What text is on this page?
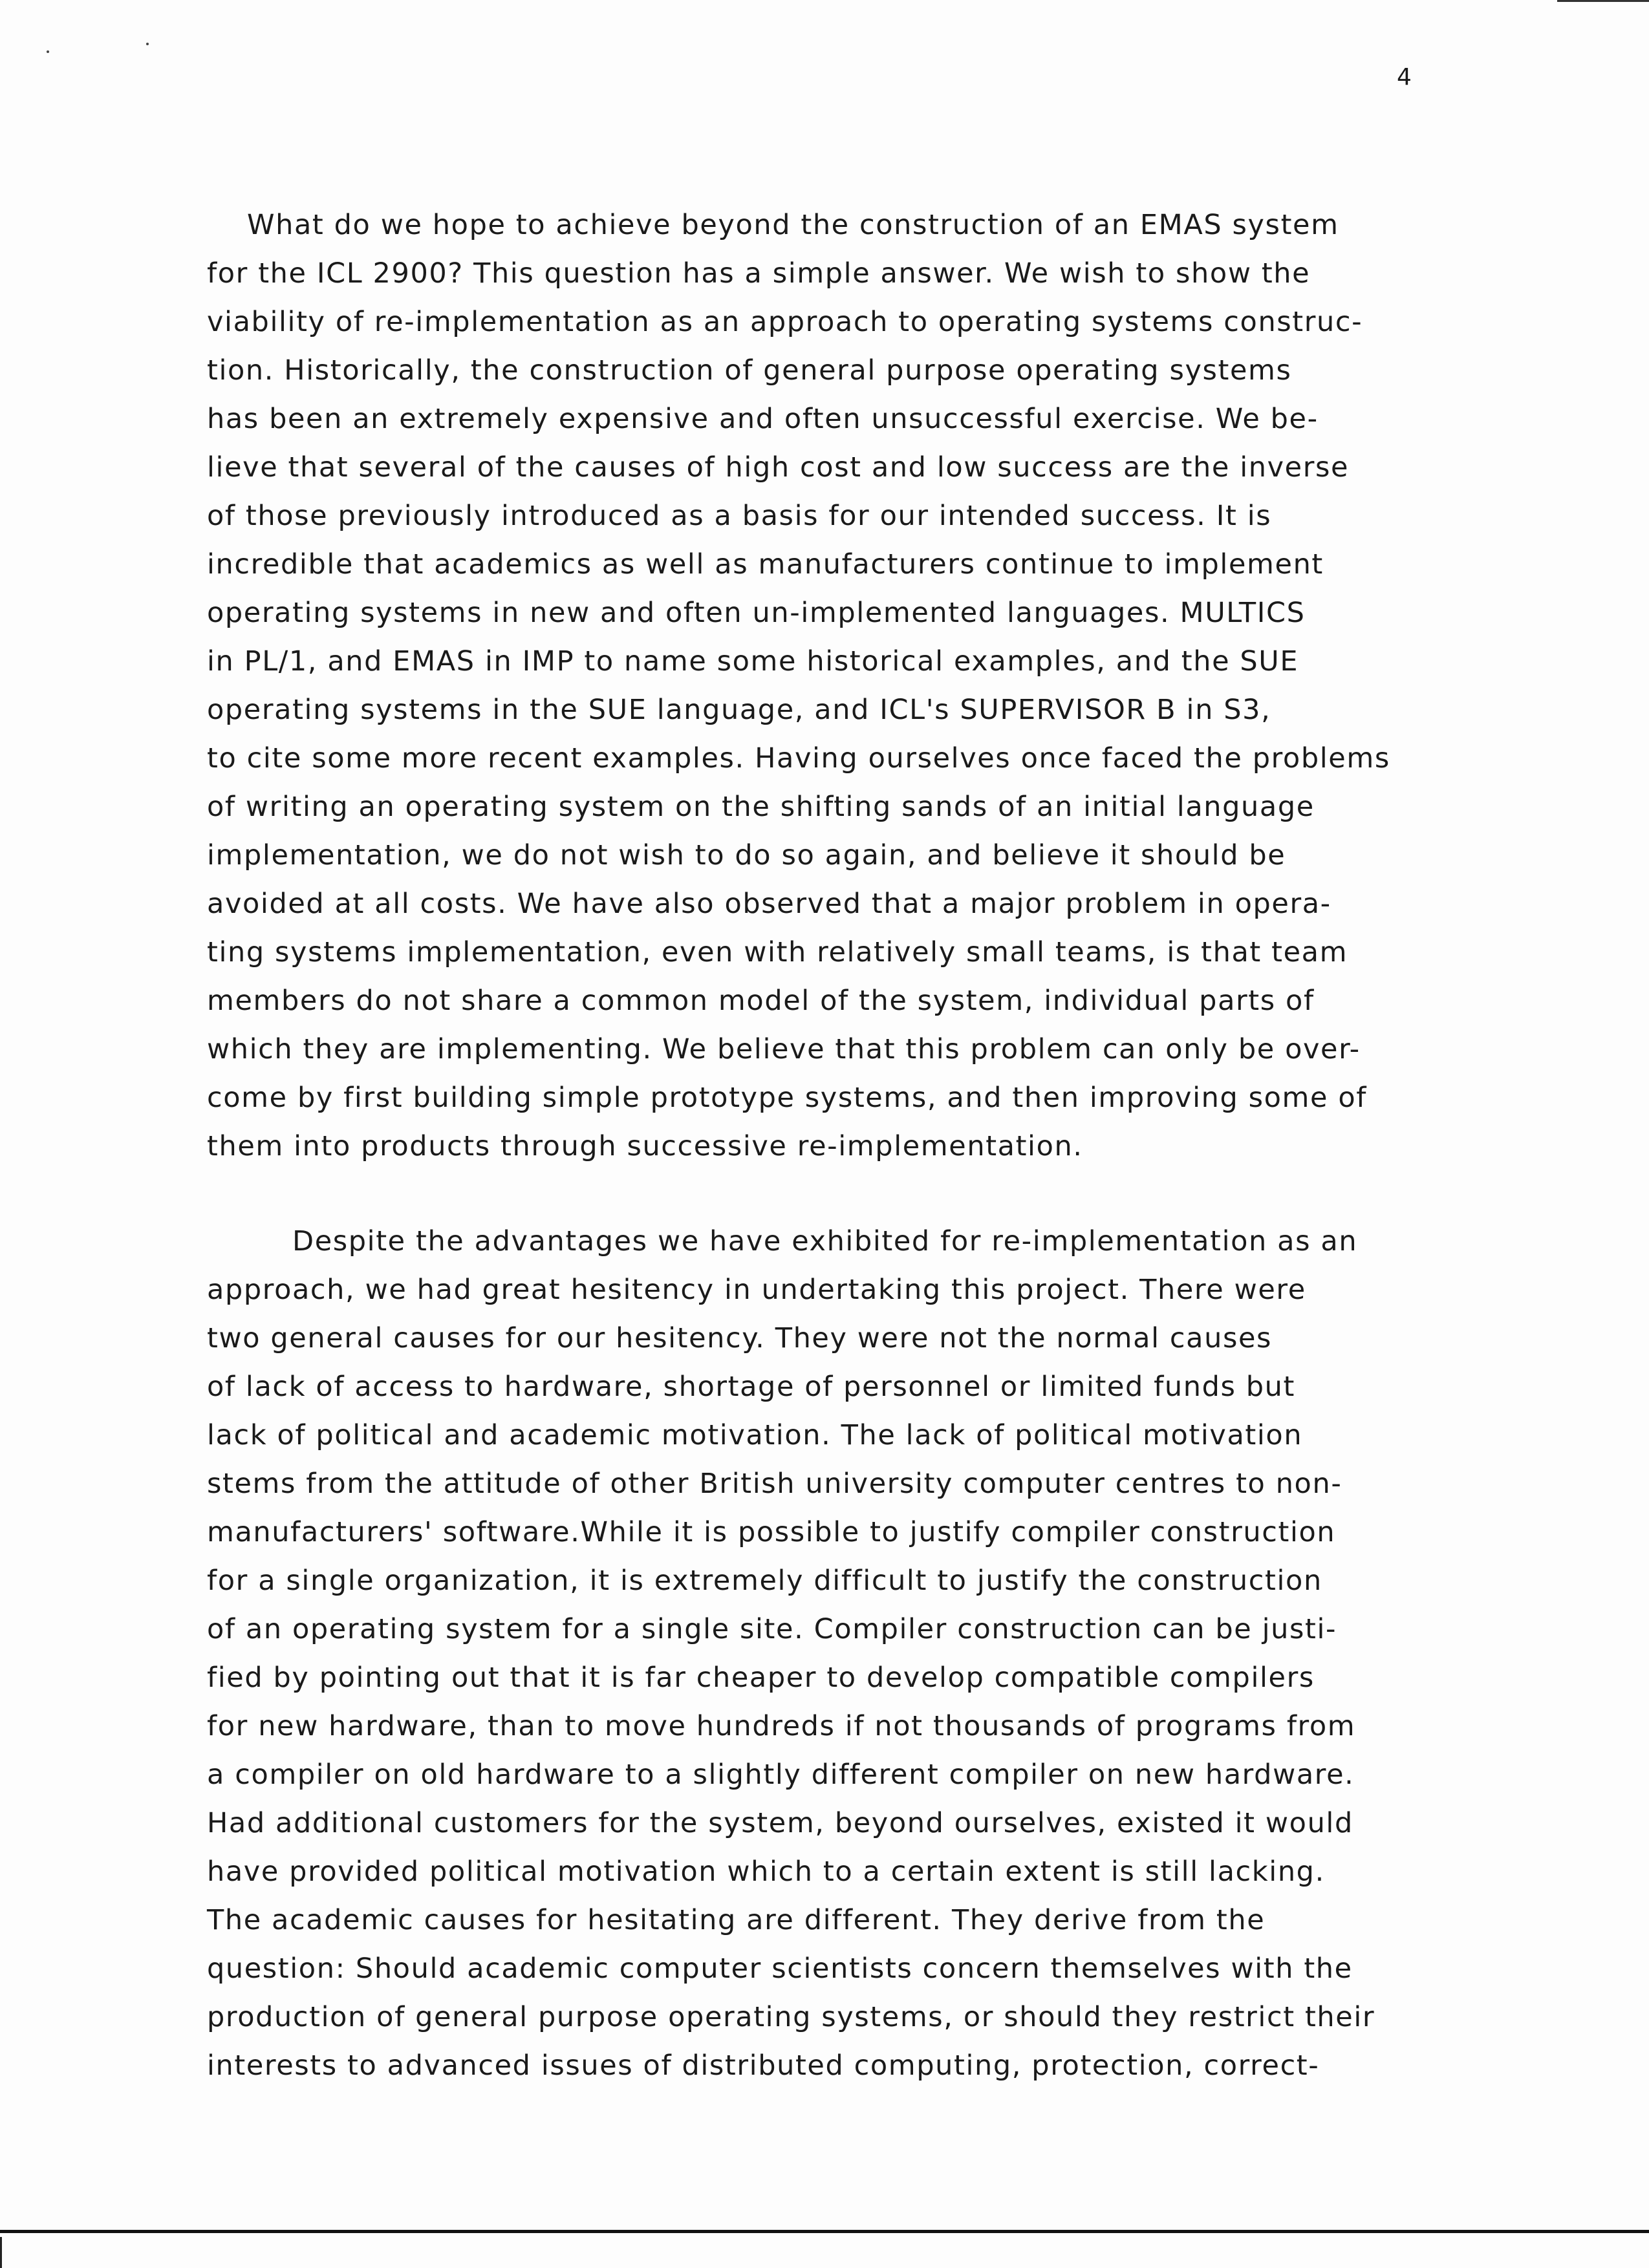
4
What do we hope to achieve beyond the construction of an EMAS system
for the ICL 2900? This question has a simple answer. We wish to show the
viability of re-implementation as an approach to operating systems construc-
tion. Historically, the construction of general purpose operating systems
has been an extremely expensive and often unsuccessful exercise. We be-
lieve that several of the causes of high cost and low success are the inverse
of those previously introduced as a basis for our intended success. It is
incredible that academics as well as manufacturers continue to implement
operating systems in new and often un-implemented languages. MULTICS
in PL/1, and EMAS in IMP to name some historical examples, and the SUE
operating systems in the SUE language, and ICL's SUPERVISOR B in S3,
to cite some more recent examples. Having ourselves once faced the problems
of writing an operating system on the shifting sands of an initial language
implementation, we do not wish to do so again, and believe it should be
avoided at all costs. We have also observed that a major problem in opera-
ting systems implementation, even with relatively small teams, is that team
members do not share a common model of the system, individual parts of
which they are implementing. We believe that this problem can only be over-
come by first building simple prototype systems, and then improving some of
them into products through successive re-implementation.
Despite the advantages we have exhibited for re-implementation as an
approach, we had great hesitency in undertaking this project. There were
two general causes for our hesitency. They were not the normal causes
of lack of access to hardware, shortage of personnel or limited funds but
lack of political and academic motivation. The lack of political motivation
stems from the attitude of other British university computer centres to non-
manufacturers' software.While it is possible to justify compiler construction
for a single organization, it is extremely difficult to justify the construction
of an operating system for a single site. Compiler construction can be justi-
fied by pointing out that it is far cheaper to develop compatible compilers
for new hardware, than to move hundreds if not thousands of programs from
a compiler on old hardware to a slightly different compiler on new hardware.
Had additional customers for the system, beyond ourselves, existed it would
have provided political motivation which to a certain extent is still lacking.
The academic causes for hesitating are different. They derive from the
question: Should academic computer scientists concern themselves with the
production of general purpose operating systems, or should they restrict their
interests to advanced issues of distributed computing, protection, correct-
